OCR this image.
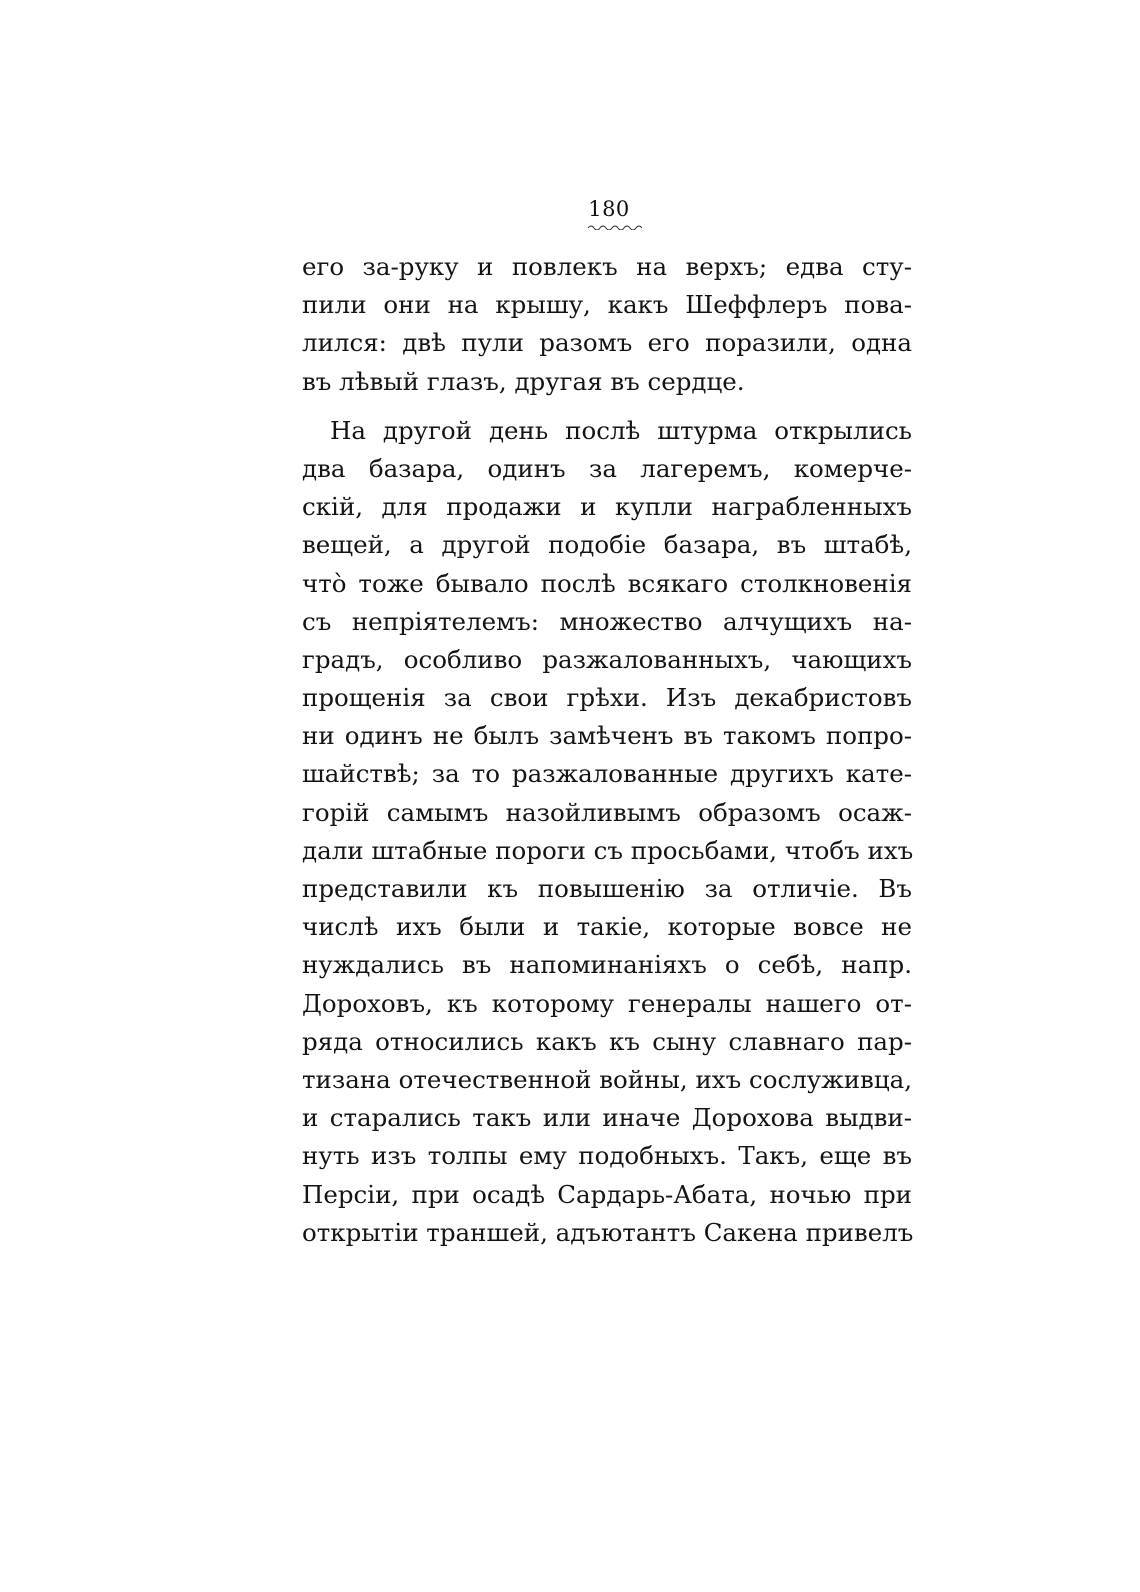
180
его за-руку и повлекъ на верхъ; едва сту-
пили они на крышу, какъ Шеффлеръ пова-
лился: двѣ пули разомъ его поразили, одна
въ лѣвый глазъ, другая въ сердце.
На другой день послѣ штурма открылись
два базара, одинъ за лагеремъ, комерче-
скій, для продажи и купли награбленныхъ
вещей, а другой подобіе базара, въ штабѣ,
что̀ тоже бывало послѣ всякаго столкновенія
съ непріятелемъ: множество алчущихъ на-
градъ, особливо разжалованныхъ, чающихъ
прощенія за свои грѣхи. Изъ декабристовъ
ни одинъ не былъ замѣченъ въ такомъ попро-
шайствѣ; за то разжалованные другихъ кате-
горій самымъ назойливымъ образомъ осаж-
дали штабные пороги съ просьбами, чтобъ ихъ
представили къ повышенію за отличіе. Въ
числѣ ихъ были и такіе, которые вовсе не
нуждались въ напоминаніяхъ о себѣ, напр.
Дороховъ, къ которому генералы нашего от-
ряда относились какъ къ сыну славнаго пар-
тизана отечественной войны, ихъ сослуживца,
и старались такъ или иначе Дорохова выдви-
нуть изъ толпы ему подобныхъ. Такъ, еще въ
Персіи, при осадѣ Сардарь-Абата, ночью при
открытіи траншей, адъютантъ Сакена привелъ
